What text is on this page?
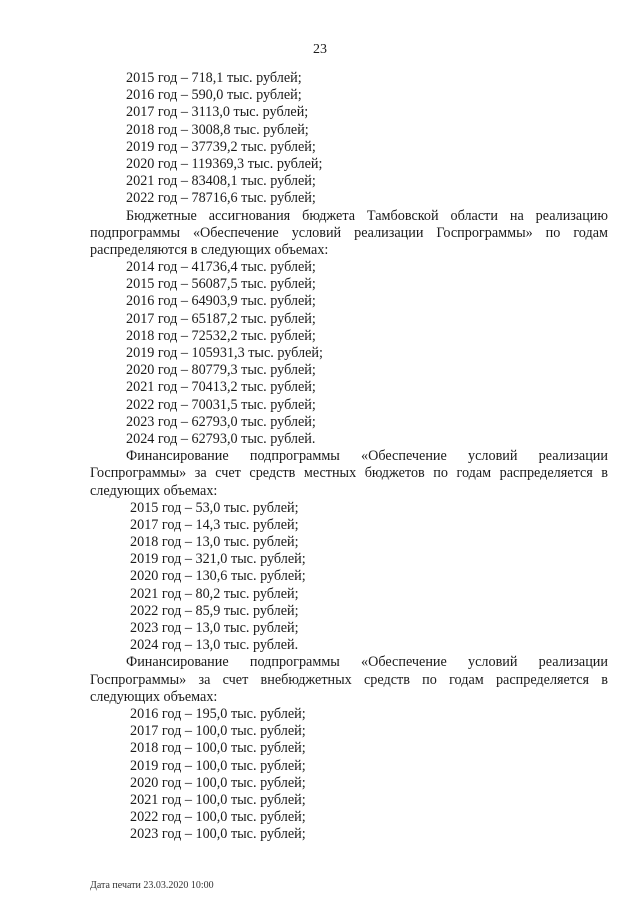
23
2015 год – 718,1 тыс. рублей;
2016 год – 590,0 тыс. рублей;
2017 год – 3113,0 тыс. рублей;
2018 год – 3008,8 тыс. рублей;
2019 год – 37739,2 тыс. рублей;
2020 год – 119369,3 тыс. рублей;
2021 год – 83408,1 тыс. рублей;
2022 год – 78716,6 тыс. рублей;
Бюджетные ассигнования бюджета Тамбовской области на реализацию
подпрограммы «Обеспечение условий реализации Госпрограммы» по годам
распределяются в следующих объемах:
2014 год – 41736,4 тыс. рублей;
2015 год – 56087,5 тыс. рублей;
2016 год – 64903,9 тыс. рублей;
2017 год – 65187,2 тыс. рублей;
2018 год – 72532,2 тыс. рублей;
2019 год – 105931,3 тыс. рублей;
2020 год – 80779,3 тыс. рублей;
2021 год – 70413,2 тыс. рублей;
2022 год – 70031,5 тыс. рублей;
2023 год – 62793,0 тыс. рублей;
2024 год – 62793,0 тыс. рублей.
Финансирование подпрограммы «Обеспечение условий реализации
Госпрограммы» за счет средств местных бюджетов по годам распределяется в
следующих объемах:
2015 год – 53,0 тыс. рублей;
2017 год – 14,3 тыс. рублей;
2018 год – 13,0 тыс. рублей;
2019 год – 321,0 тыс. рублей;
2020 год – 130,6 тыс. рублей;
2021 год – 80,2 тыс. рублей;
2022 год – 85,9 тыс. рублей;
2023 год – 13,0 тыс. рублей;
2024 год – 13,0 тыс. рублей.
Финансирование подпрограммы «Обеспечение условий реализации
Госпрограммы» за счет внебюджетных средств по годам распределяется в
следующих объемах:
2016 год – 195,0 тыс. рублей;
2017 год – 100,0 тыс. рублей;
2018 год – 100,0 тыс. рублей;
2019 год – 100,0 тыс. рублей;
2020 год – 100,0 тыс. рублей;
2021 год – 100,0 тыс. рублей;
2022 год – 100,0 тыс. рублей;
2023 год – 100,0 тыс. рублей;
Дата печати 23.03.2020 10:00
